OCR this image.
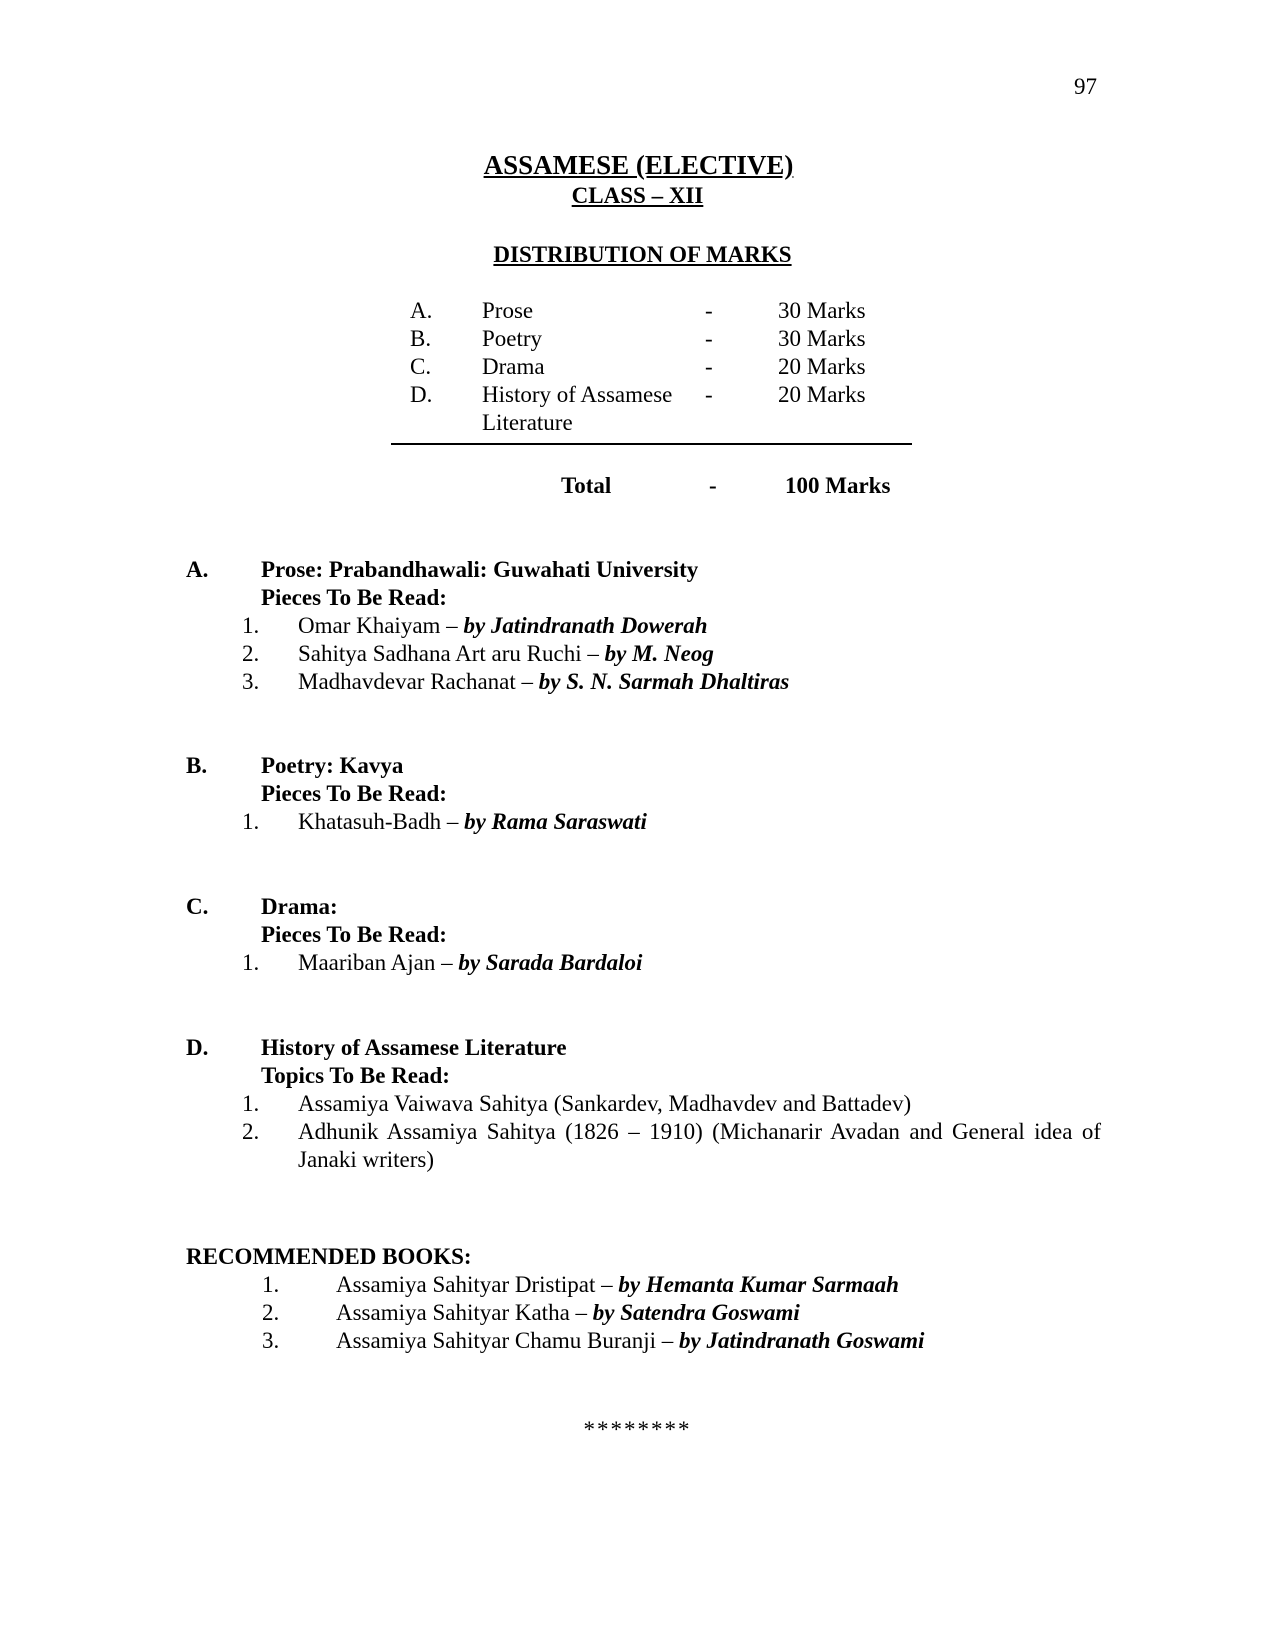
97
ASSAMESE (ELECTIVE)
CLASS – XII
DISTRIBUTION OF MARKS
A.	Prose	-	30 Marks
B.	Poetry	-	30 Marks
C.	Drama	-	20 Marks
D.	History of Assamese Literature	-	20 Marks
Total	-	100 Marks
A. Prose: Prabandhawali: Guwahati University
Pieces To Be Read:
1. Omar Khaiyam – by Jatindranath Dowerah
2. Sahitya Sadhana Art aru Ruchi – by M. Neog
3. Madhavdevar Rachanat – by S. N. Sarmah Dhaltiras
B. Poetry: Kavya
Pieces To Be Read:
1. Khatasuh-Badh – by Rama Saraswati
C. Drama:
Pieces To Be Read:
1. Maariban Ajan – by Sarada Bardaloi
D. History of Assamese Literature
Topics To Be Read:
1. Assamiya Vaiwava Sahitya (Sankardev, Madhavdev and Battadev)
2. Adhunik Assamiya Sahitya (1826 – 1910) (Michanarir Avadan and General idea of Janaki writers)
RECOMMENDED BOOKS:
1. Assamiya Sahityar Dristipat – by Hemanta Kumar Sarmaah
2. Assamiya Sahityar Katha – by Satendra Goswami
3. Assamiya Sahityar Chamu Buranji – by Jatindranath Goswami
********
